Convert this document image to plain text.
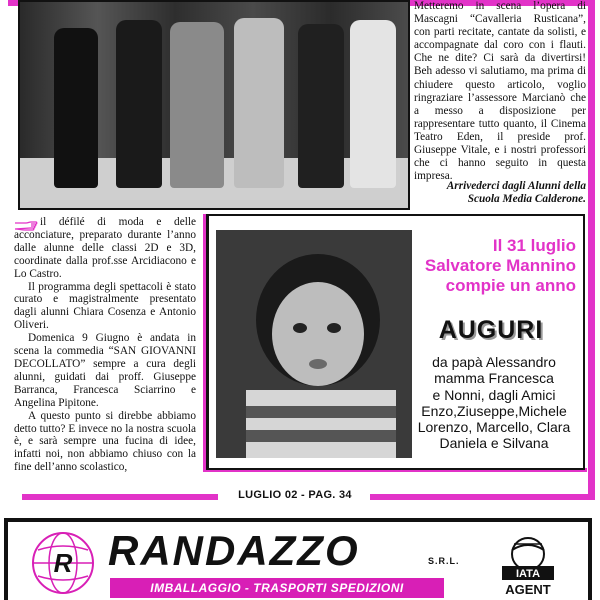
LUGLIO 02 - PAG. 34
Metteremo in scena l’opera di Mascagni “Cavalleria Rusticana”, con parti recitate, cantate da solisti, e accompagnate dal coro con i flauti. Che ne dite? Ci sarà da divertirsi! Beh adesso vi salutiamo, ma prima di chiudere questo articolo, voglio ringraziare l’assessore Marcianò che a messo a disposizione per rappresentare tutto quanto, il Cinema Teatro Eden, il preside prof. Giuseppe Vitale, e i nostri professori che ci hanno seguito in questa impresa.
Arrivederci dagli Alunni della Scuola Media Calderone.

il défilé di moda e delle acconciature, preparato durante l’anno dalle alunne delle classi 2D e 3D, coordinate dalla prof.sse Arcidiacono e Lo Castro.

Il programma degli spettacoli è stato curato e magistralmente presentato dagli alunni Chiara Cosenza e Antonio Oliveri.

Domenica 9 Giugno è andata in scena la commedia “SAN GIOVANNI DECOLLATO” sempre a cura degli alunni, guidati dai proff. Giuseppe Barranca, Francesca Sciarrino e Angelina Pipitone.

A questo punto si direbbe abbiamo detto tutto? E invece no la nostra scuola è, e sarà sempre una fucina di idee, infatti noi, non abbiamo chiuso con la fine dell’anno scolastico,

Il 31 luglio
Salvatore Mannino
compie un anno
AUGURI
da papà Alessandro
mamma Francesca
e Nonni, dagli Amici
Enzo,Ziuseppe,Michele
Lorenzo, Marcello, Clara
Daniela e Silvana
R RANDAZZO	S.R.L.
IMBALLAGGIO - TRASPORTI SPEDIZIONI
IATA
AGENT
